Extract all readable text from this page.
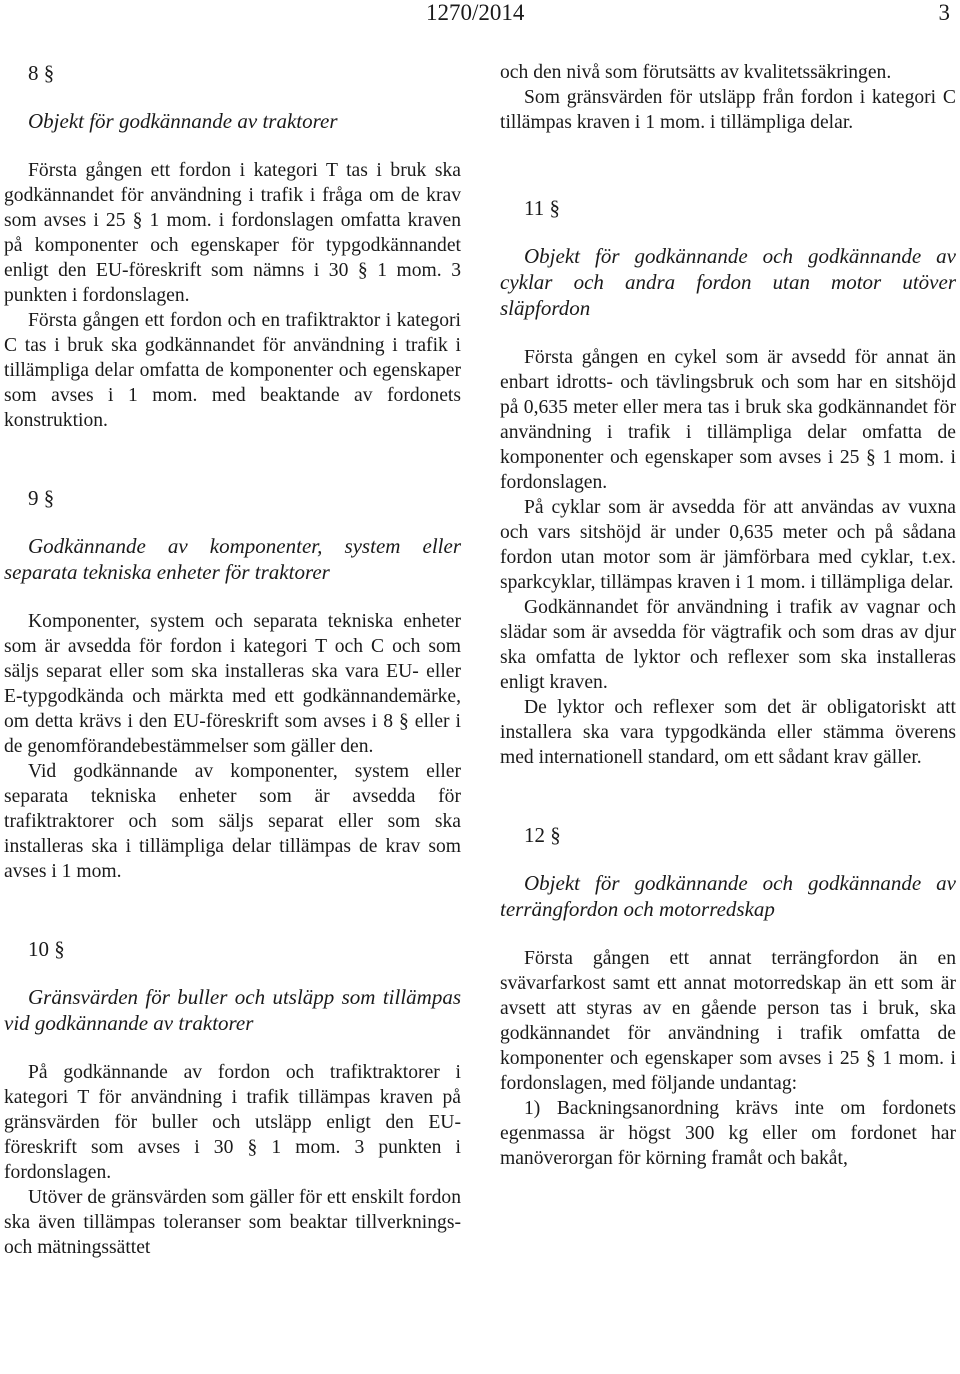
1270/2014	3

8 §

Objekt för godkännande av traktorer

Första gången ett fordon i kategori T tas i bruk ska godkännandet för användning i trafik i fråga om de krav som avses i 25 § 1 mom. i fordonslagen omfatta kraven på komponenter och egenskaper för typgodkännandet enligt den EU-föreskrift som nämns i 30 § 1 mom. 3 punkten i fordonslagen.

Första gången ett fordon och en trafiktraktor i kategori C tas i bruk ska godkännandet för användning i trafik i tillämpliga delar omfatta de komponenter och egenskaper som avses i 1 mom. med beaktande av fordonets konstruktion.

9 §

Godkännande av komponenter, system eller separata tekniska enheter för traktorer

Komponenter, system och separata tekniska enheter som är avsedda för fordon i kategori T och C och som säljs separat eller som ska installeras ska vara EU- eller E-typgodkända och märkta med ett godkännandemärke, om detta krävs i den EU-föreskrift som avses i 8 § eller i de genomförandebestämmelser som gäller den.

Vid godkännande av komponenter, system eller separata tekniska enheter som är avsedda för trafiktraktorer och som säljs separat eller som ska installeras ska i tillämpliga delar tillämpas de krav som avses i 1 mom.

10 §

Gränsvärden för buller och utsläpp som tillämpas vid godkännande av traktorer

På godkännande av fordon och trafiktraktorer i kategori T för användning i trafik tillämpas kraven på gränsvärden för buller och utsläpp enligt den EU-föreskrift som avses i 30 § 1 mom. 3 punkten i fordonslagen.

Utöver de gränsvärden som gäller för ett enskilt fordon ska även tillämpas toleranser som beaktar tillverknings- och mätningssättet

och den nivå som förutsätts av kvalitetssäkringen.

Som gränsvärden för utsläpp från fordon i kategori C tillämpas kraven i 1 mom. i tillämpliga delar.

11 §

Objekt för godkännande och godkännande av cyklar och andra fordon utan motor utöver släpfordon

Första gången en cykel som är avsedd för annat än enbart idrotts- och tävlingsbruk och som har en sitshöjd på 0,635 meter eller mera tas i bruk ska godkännandet för användning i trafik i tillämpliga delar omfatta de komponenter och egenskaper som avses i 25 § 1 mom. i fordonslagen.

På cyklar som är avsedda för att användas av vuxna och vars sitshöjd är under 0,635 meter och på sådana fordon utan motor som är jämförbara med cyklar, t.ex. sparkcyklar, tillämpas kraven i 1 mom. i tillämpliga delar.

Godkännandet för användning i trafik av vagnar och slädar som är avsedda för vägtrafik och som dras av djur ska omfatta de lyktor och reflexer som ska installeras enligt kraven.

De lyktor och reflexer som det är obligatoriskt att installera ska vara typgodkända eller stämma överens med internationell standard, om ett sådant krav gäller.

12 §

Objekt för godkännande och godkännande av terrängfordon och motorredskap

Första gången ett annat terrängfordon än en svävarfarkost samt ett annat motorredskap än ett som är avsett att styras av en gående person tas i bruk, ska godkännandet för användning i trafik omfatta de komponenter och egenskaper som avses i 25 § 1 mom. i fordonslagen, med följande undantag:

1) Backningsanordning krävs inte om fordonets egenmassa är högst 300 kg eller om fordonet har manöverorgan för körning framåt och bakåt,
